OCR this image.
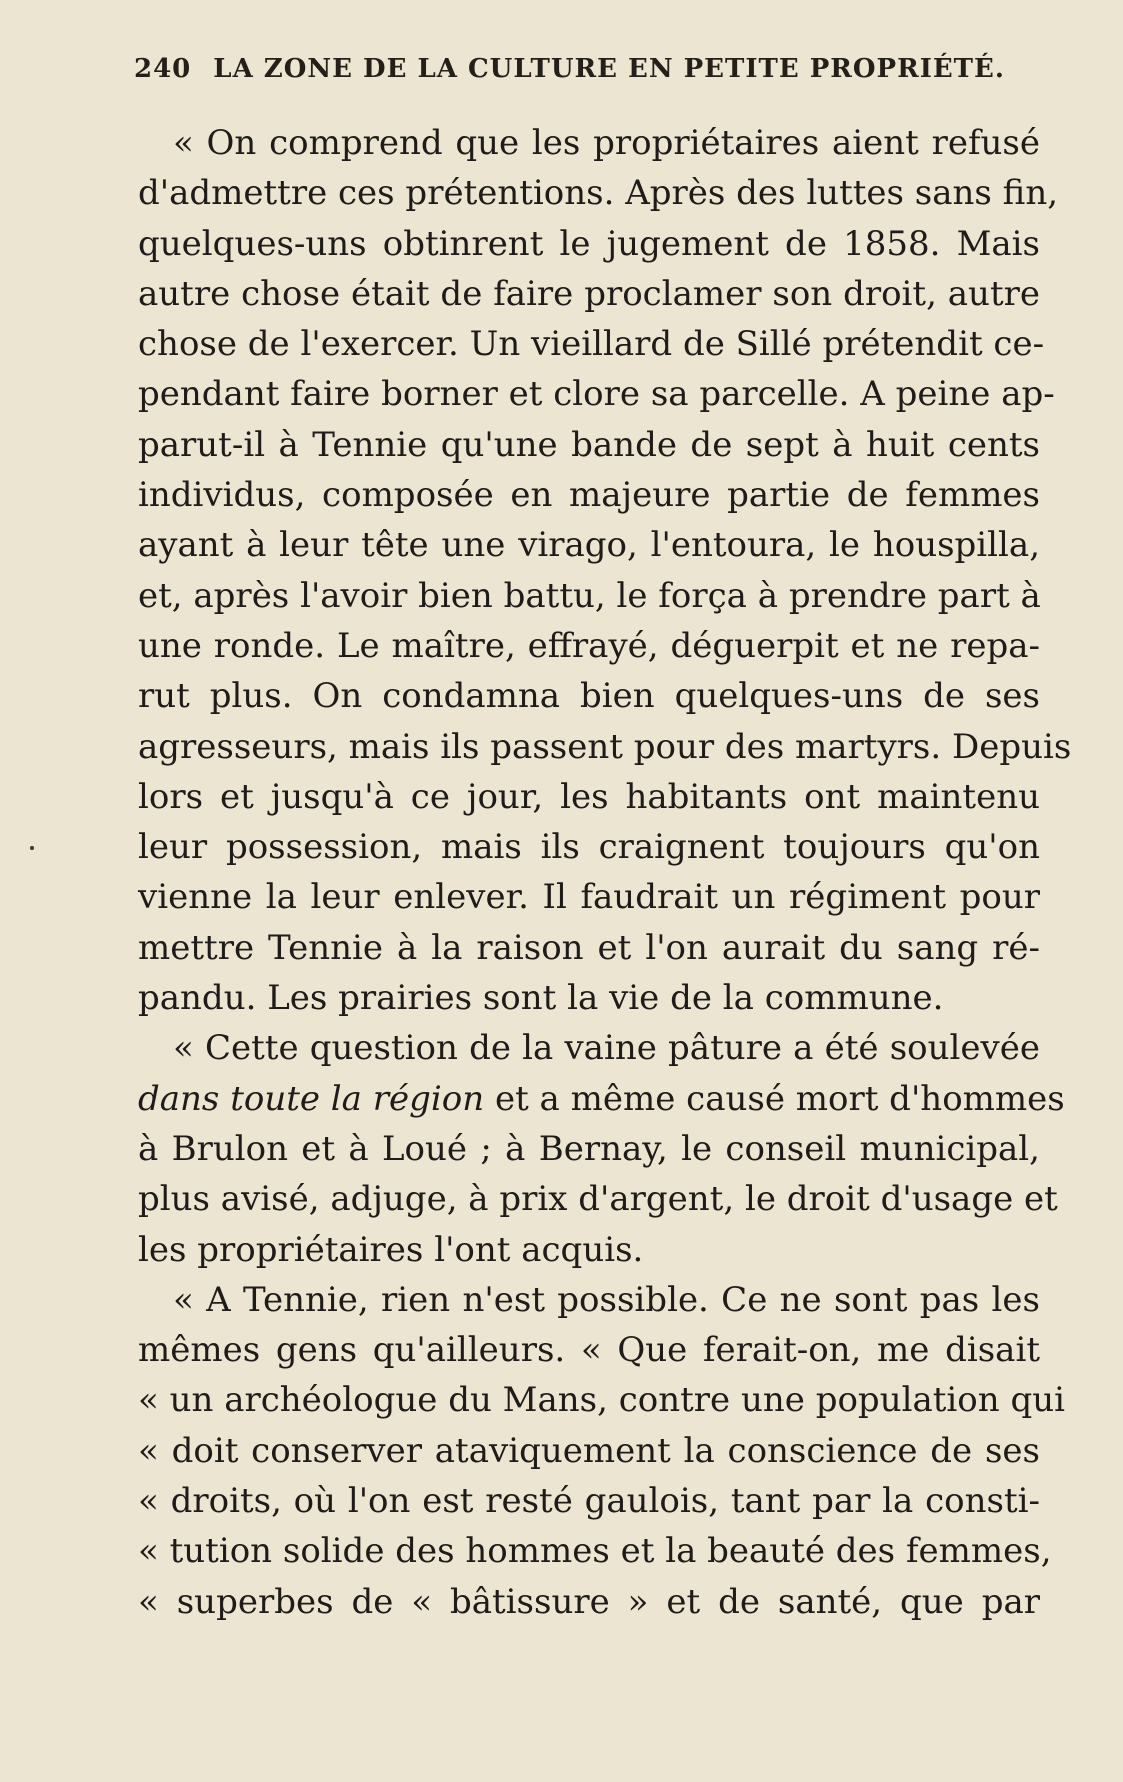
240 LA ZONE DE LA CULTURE EN PETITE PROPRIÉTÉ.
« On comprend que les propriétaires aient refusé
d'admettre ces prétentions. Après des luttes sans fin,
quelques-uns obtinrent le jugement de 1858. Mais
autre chose était de faire proclamer son droit, autre
chose de l'exercer. Un vieillard de Sillé prétendit ce-
pendant faire borner et clore sa parcelle. A peine ap-
parut-il à Tennie qu'une bande de sept à huit cents
individus, composée en majeure partie de femmes
ayant à leur tête une virago, l'entoura, le houspilla,
et, après l'avoir bien battu, le força à prendre part à
une ronde. Le maître, effrayé, déguerpit et ne repa-
rut plus. On condamna bien quelques-uns de ses
agresseurs, mais ils passent pour des martyrs. Depuis
lors et jusqu'à ce jour, les habitants ont maintenu
leur possession, mais ils craignent toujours qu'on
vienne la leur enlever. Il faudrait un régiment pour
mettre Tennie à la raison et l'on aurait du sang ré-
pandu. Les prairies sont la vie de la commune.
« Cette question de la vaine pâture a été soulevée
dans toute la région et a même causé mort d'hommes
à Brulon et à Loué ; à Bernay, le conseil municipal,
plus avisé, adjuge, à prix d'argent, le droit d'usage et
les propriétaires l'ont acquis.
« A Tennie, rien n'est possible. Ce ne sont pas les
mêmes gens qu'ailleurs. « Que ferait-on, me disait
« un archéologue du Mans, contre une population qui
« doit conserver ataviquement la conscience de ses
« droits, où l'on est resté gaulois, tant par la consti-
« tution solide des hommes et la beauté des femmes,
« superbes de « bâtissure » et de santé, que par
